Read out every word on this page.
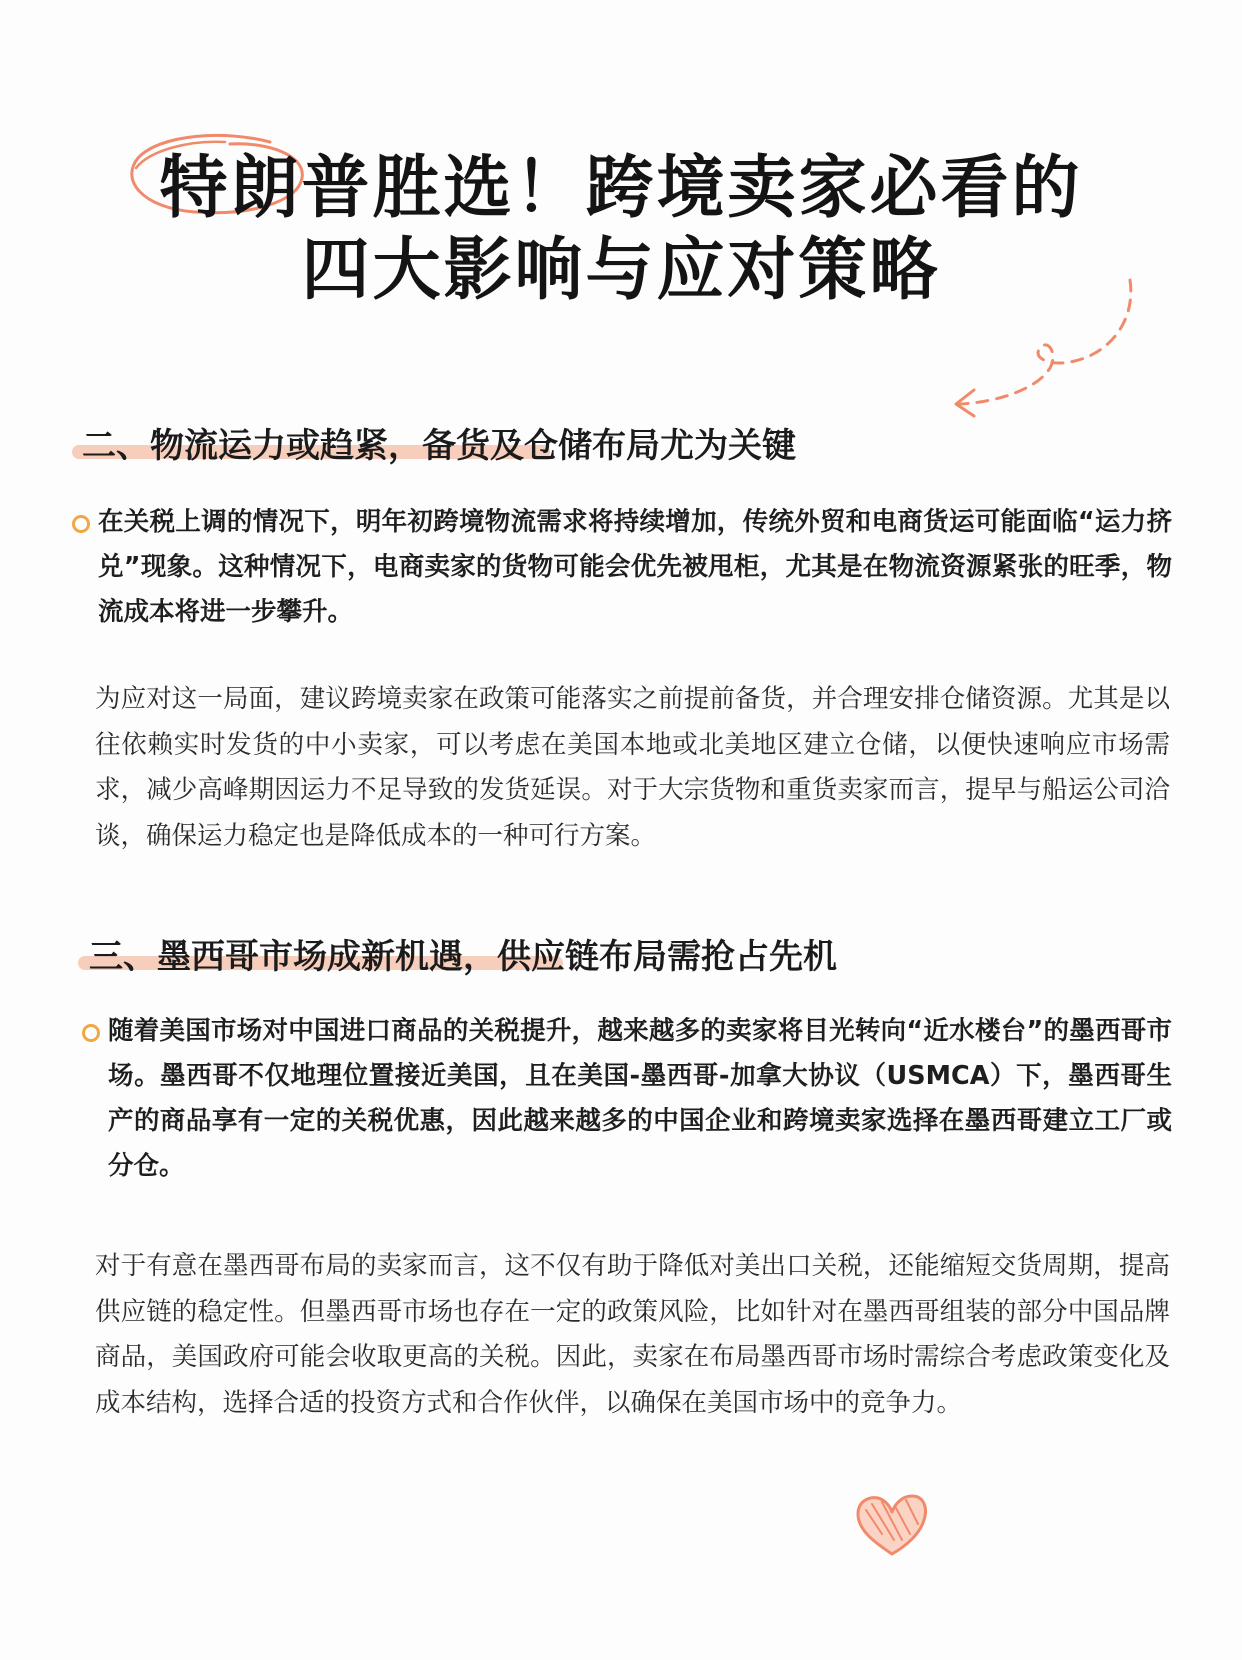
特朗普胜选！跨境卖家必看的
四大影响与应对策略
二、物流运力或趋紧，备货及仓储布局尤为关键
在关税上调的情况下，明年初跨境物流需求将持续增加，传统外贸和电商货运可能面临“运力挤兑”现象。这种情况下，电商卖家的货物可能会优先被甩柜，尤其是在物流资源紧张的旺季，物流成本将进一步攀升。
为应对这一局面，建议跨境卖家在政策可能落实之前提前备货，并合理安排仓储资源。尤其是以往依赖实时发货的中小卖家，可以考虑在美国本地或北美地区建立仓储，以便快速响应市场需求，减少高峰期因运力不足导致的发货延误。对于大宗货物和重货卖家而言，提早与船运公司洽谈，确保运力稳定也是降低成本的一种可行方案。
三、墨西哥市场成新机遇，供应链布局需抢占先机
随着美国市场对中国进口商品的关税提升，越来越多的卖家将目光转向“近水楼台”的墨西哥市场。墨西哥不仅地理位置接近美国，且在美国-墨西哥-加拿大协议（USMCA）下，墨西哥生产的商品享有一定的关税优惠，因此越来越多的中国企业和跨境卖家选择在墨西哥建立工厂或分仓。
对于有意在墨西哥布局的卖家而言，这不仅有助于降低对美出口关税，还能缩短交货周期，提高供应链的稳定性。但墨西哥市场也存在一定的政策风险，比如针对在墨西哥组装的部分中国品牌商品，美国政府可能会收取更高的关税。因此，卖家在布局墨西哥市场时需综合考虑政策变化及成本结构，选择合适的投资方式和合作伙伴，以确保在美国市场中的竞争力。
